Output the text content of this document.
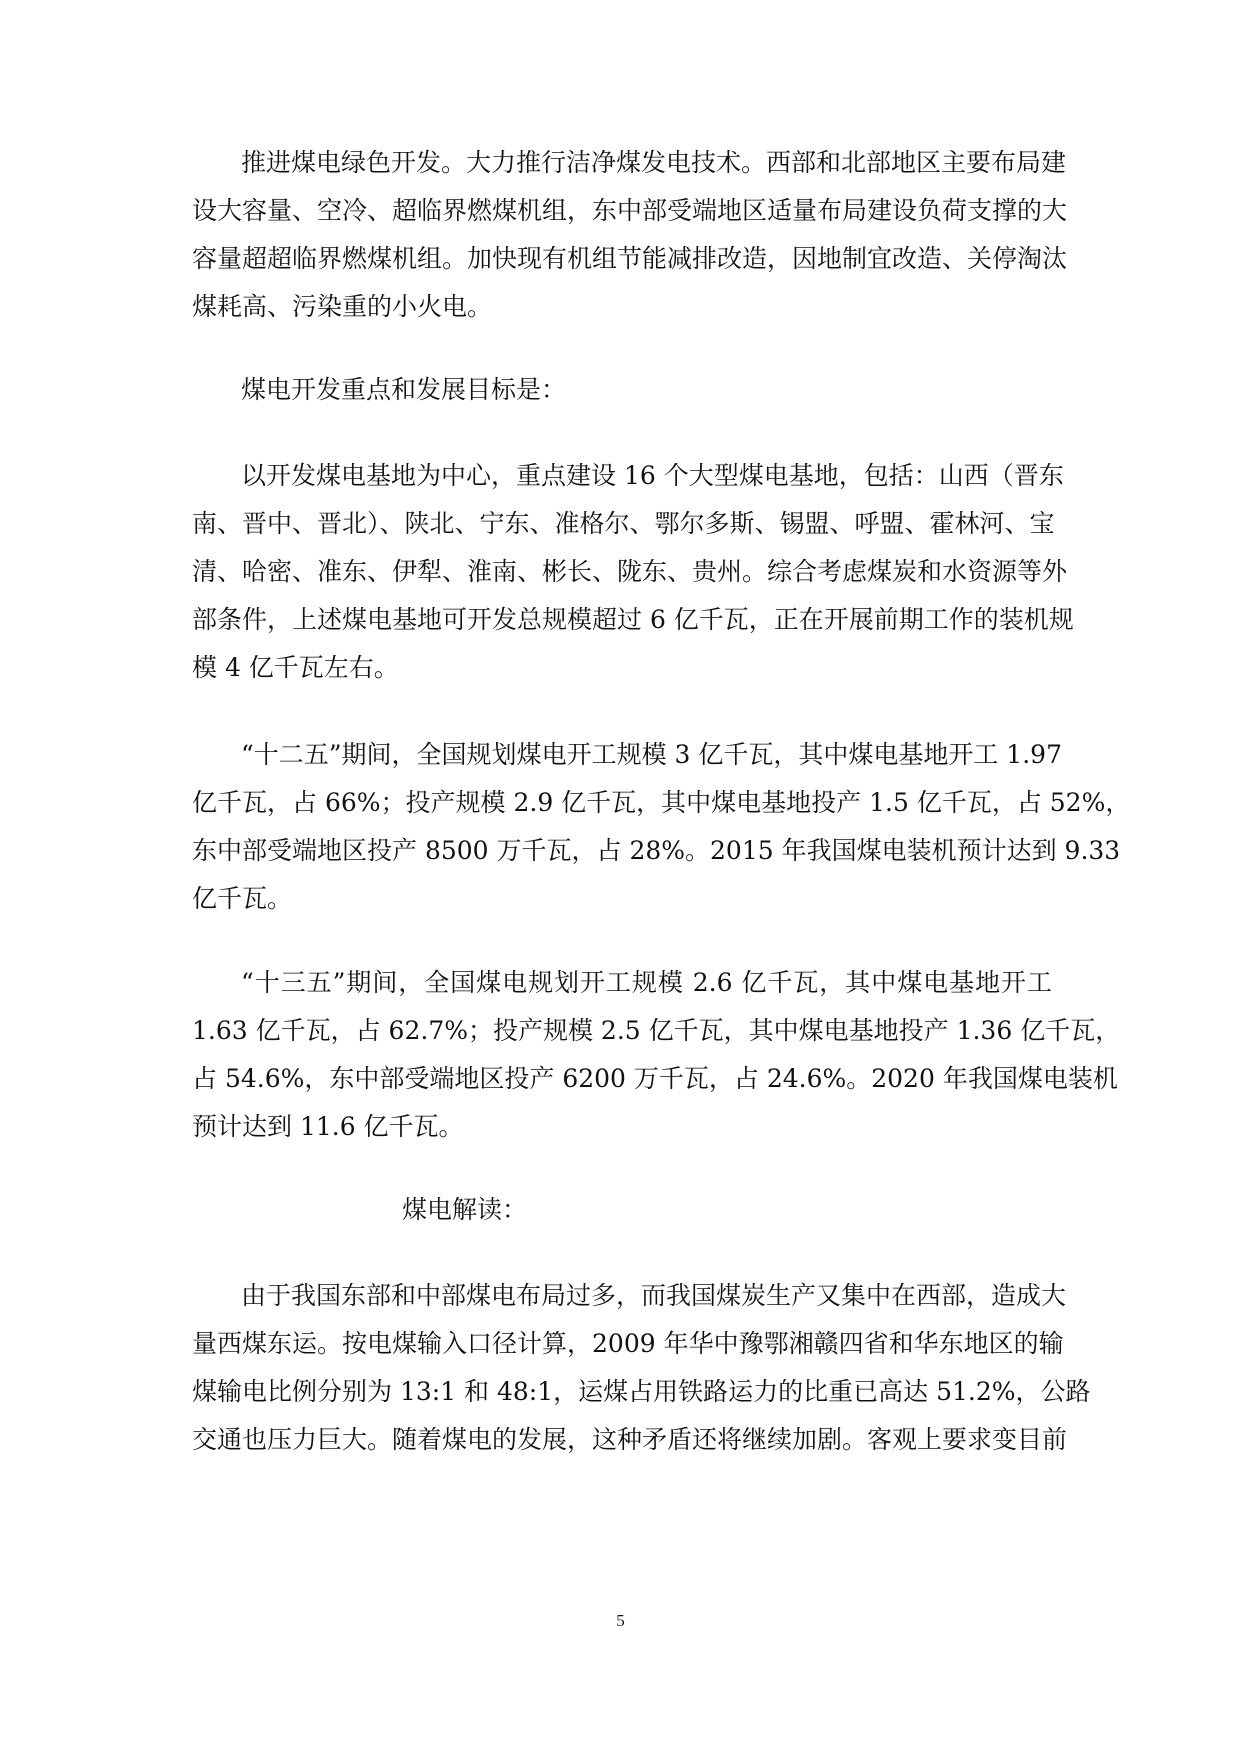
推进煤电绿色开发。大力推行洁净煤发电技术。西部和北部地区主要布局建
设大容量、空冷、超临界燃煤机组，东中部受端地区适量布局建设负荷支撑的大
容量超超临界燃煤机组。加快现有机组节能减排改造，因地制宜改造、关停淘汰
煤耗高、污染重的小火电。
煤电开发重点和发展目标是：
以开发煤电基地为中心，重点建设 16 个大型煤电基地，包括：山西（晋东
南、晋中、晋北）、陕北、宁东、准格尔、鄂尔多斯、锡盟、呼盟、霍林河、宝
清、哈密、准东、伊犁、淮南、彬长、陇东、贵州。综合考虑煤炭和水资源等外
部条件，上述煤电基地可开发总规模超过 6 亿千瓦，正在开展前期工作的装机规
模 4 亿千瓦左右。
“十二五”期间，全国规划煤电开工规模 3 亿千瓦，其中煤电基地开工 1.97
亿千瓦，占 66%；投产规模 2.9 亿千瓦，其中煤电基地投产 1.5 亿千瓦，占 52%，
东中部受端地区投产 8500 万千瓦，占 28%。2015 年我国煤电装机预计达到 9.33
亿千瓦。
“十三五”期间，全国煤电规划开工规模 2.6 亿千瓦，其中煤电基地开工
1.63 亿千瓦，占 62.7%；投产规模 2.5 亿千瓦，其中煤电基地投产 1.36 亿千瓦，
占 54.6%，东中部受端地区投产 6200 万千瓦，占 24.6%。2020 年我国煤电装机
预计达到 11.6 亿千瓦。
煤电解读：
由于我国东部和中部煤电布局过多，而我国煤炭生产又集中在西部，造成大
量西煤东运。按电煤输入口径计算，2009 年华中豫鄂湘赣四省和华东地区的输
煤输电比例分别为 13:1 和 48:1，运煤占用铁路运力的比重已高达 51.2%，公路
交通也压力巨大。随着煤电的发展，这种矛盾还将继续加剧。客观上要求变目前
5
